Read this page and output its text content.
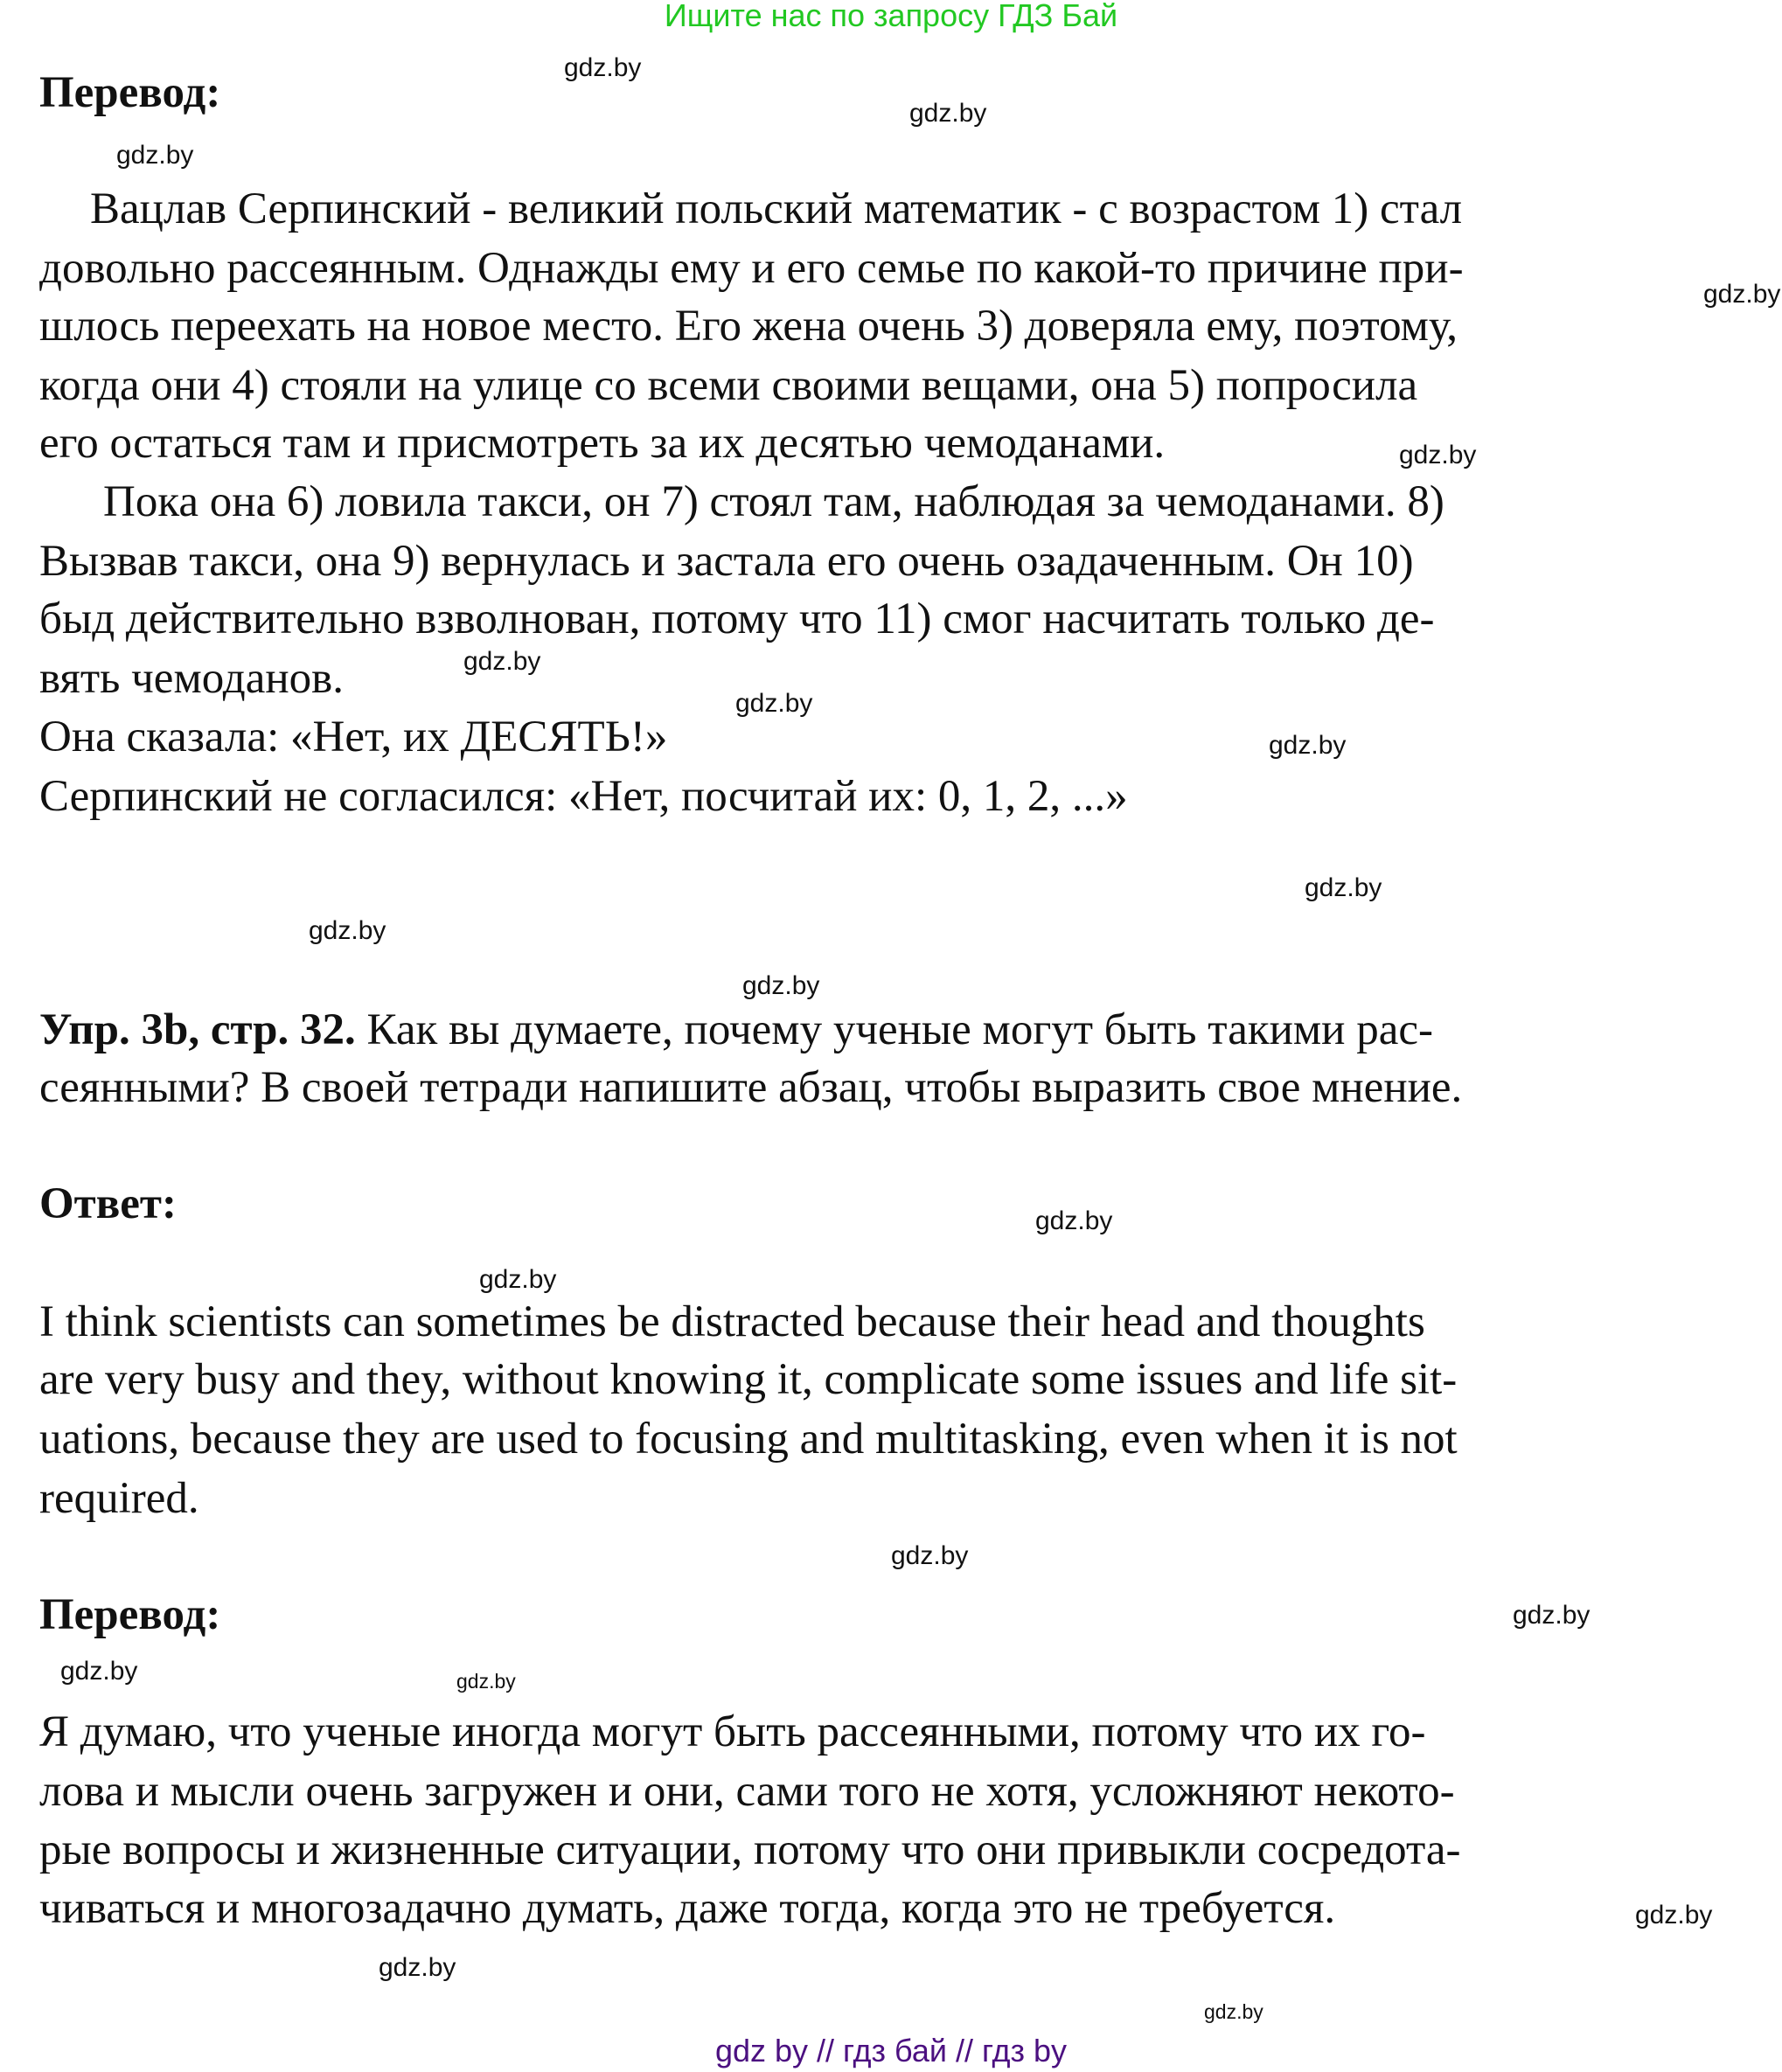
Ищите нас по запросу ГДЗ Бай
Перевод:
Вацлав Серпинский - великий польский математик - с возрастом 1) стал
довольно рассеянным. Однажды ему и его семье по какой-то причине при-
шлось переехать на новое место. Его жена очень 3) доверяла ему, поэтому,
когда они 4) стояли на улице со всеми своими вещами, она 5) попросила
его остаться там и присмотреть за их десятью чемоданами.
Пока она 6) ловила такси, он 7) стоял там, наблюдая за чемоданами. 8)
Вызвав такси, она 9) вернулась и застала его очень озадаченным. Он 10)
быд действительно взволнован, потому что 11) смог насчитать только де-
вять чемоданов.
Она сказала: «Нет, их ДЕСЯТЬ!»
Серпинский не согласился: «Нет, посчитай их: 0, 1, 2, ...»
Упр. 3b, стр. 32. Как вы думаете, почему ученые могут быть такими рас-
сеянными? В своей тетради напишите абзац, чтобы выразить свое мнение.
Ответ:
I think scientists can sometimes be distracted because their head and thoughts
are very busy and they, without knowing it, complicate some issues and life sit-
uations, because they are used to focusing and multitasking, even when it is not
required.
Перевод:
Я думаю, что ученые иногда могут быть рассеянными, потому что их го-
лова и мысли очень загружен и они, сами того не хотя, усложняют некото-
рые вопросы и жизненные ситуации, потому что они привыкли сосредота-
чиваться и многозадачно думать, даже тогда, когда это не требуется.
gdz.by
gdz.by
gdz.by
gdz.by
gdz.by
gdz.by
gdz.by
gdz.by
gdz.by
gdz.by
gdz.by
gdz.by
gdz.by
gdz.by
gdz.by
gdz.by	gdz.by
gdz.by
gdz.by
gdz.by
gdz by // гдз бай // гдз by
